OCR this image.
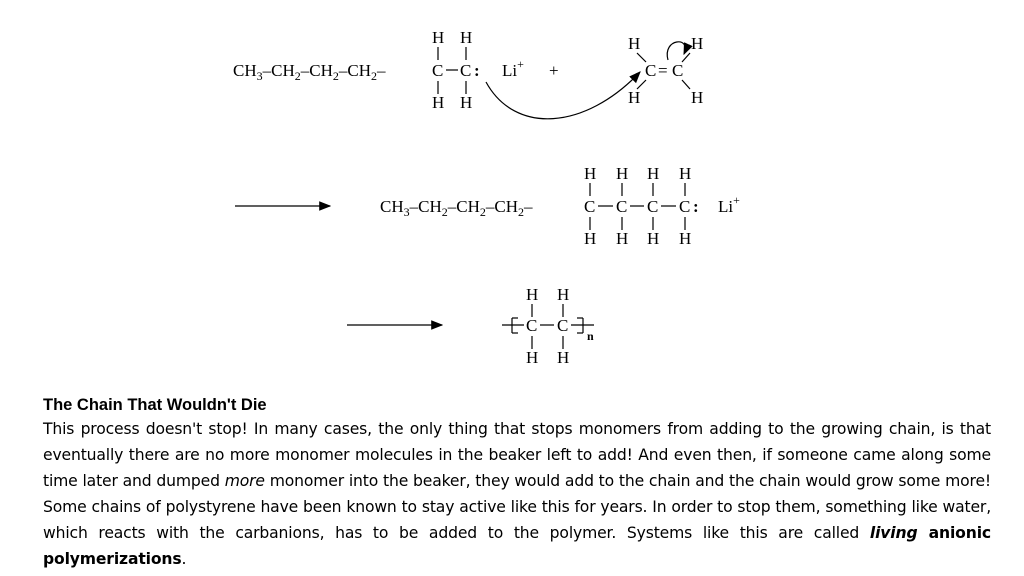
$CH_3-CH_2-CH_2-CH_2-$
H H
C C :
H H
Li+ +
H	H
C = C
H	H
$CH_3-CH_2-CH_2-CH_2-$
H H H H
C C C C :
H H H H
Li+
H H
C C
n
H H
The Chain That Wouldn't Die

This process doesn't stop! In many cases, the only thing that stops monomers from adding to the growing chain, is that eventually there are no more monomer molecules in the beaker left to add! And even then, if someone came along some time later and dumped more monomer into the beaker, they would add to the chain and the chain would grow some more! Some chains of polystyrene have been known to stay active like this for years. In order to stop them, something like water, which reacts with the carbanions, has to be added to the polymer. Systems like this are called living anionic polymerizations.
